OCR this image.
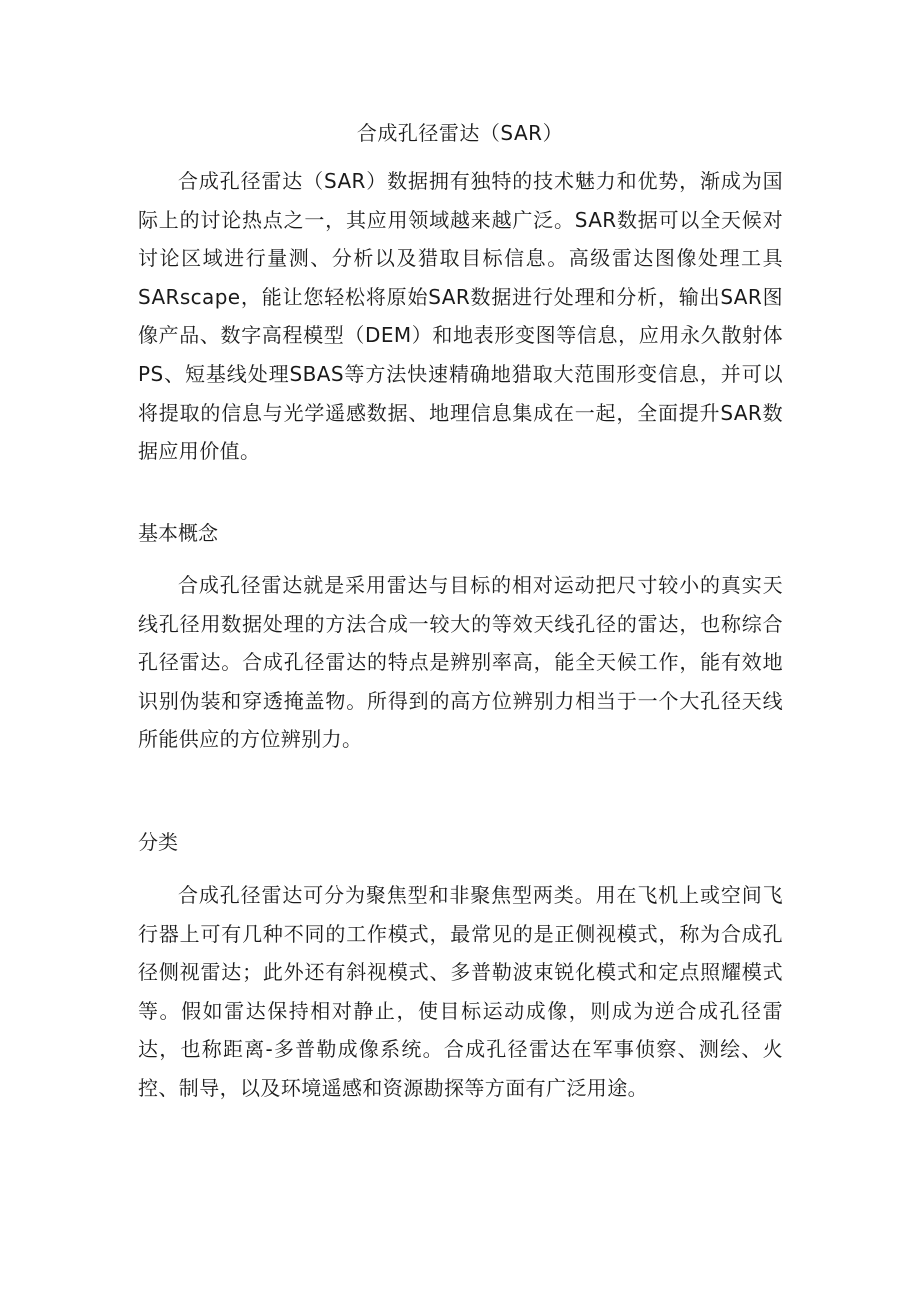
合成孔径雷达（SAR）

合成孔径雷达（SAR）数据拥有独特的技术魅力和优势，渐成为国际上的讨论热点之一，其应用领域越来越广泛。SAR数据可以全天候对讨论区域进行量测、分析以及猎取目标信息。高级雷达图像处理工具SARscape，能让您轻松将原始SAR数据进行处理和分析，输出SAR图像产品、数字高程模型（DEM）和地表形变图等信息，应用永久散射体PS、短基线处理SBAS等方法快速精确地猎取大范围形变信息，并可以将提取的信息与光学遥感数据、地理信息集成在一起，全面提升SAR数据应用价值。

基本概念

合成孔径雷达就是采用雷达与目标的相对运动把尺寸较小的真实天线孔径用数据处理的方法合成一较大的等效天线孔径的雷达，也称综合孔径雷达。合成孔径雷达的特点是辨别率高，能全天候工作，能有效地识别伪装和穿透掩盖物。所得到的高方位辨别力相当于一个大孔径天线所能供应的方位辨别力。

分类

合成孔径雷达可分为聚焦型和非聚焦型两类。用在飞机上或空间飞行器上可有几种不同的工作模式，最常见的是正侧视模式，称为合成孔径侧视雷达；此外还有斜视模式、多普勒波束锐化模式和定点照耀模式等。假如雷达保持相对静止，使目标运动成像，则成为逆合成孔径雷达，也称距离-多普勒成像系统。合成孔径雷达在军事侦察、测绘、火控、制导，以及环境遥感和资源勘探等方面有广泛用途。
